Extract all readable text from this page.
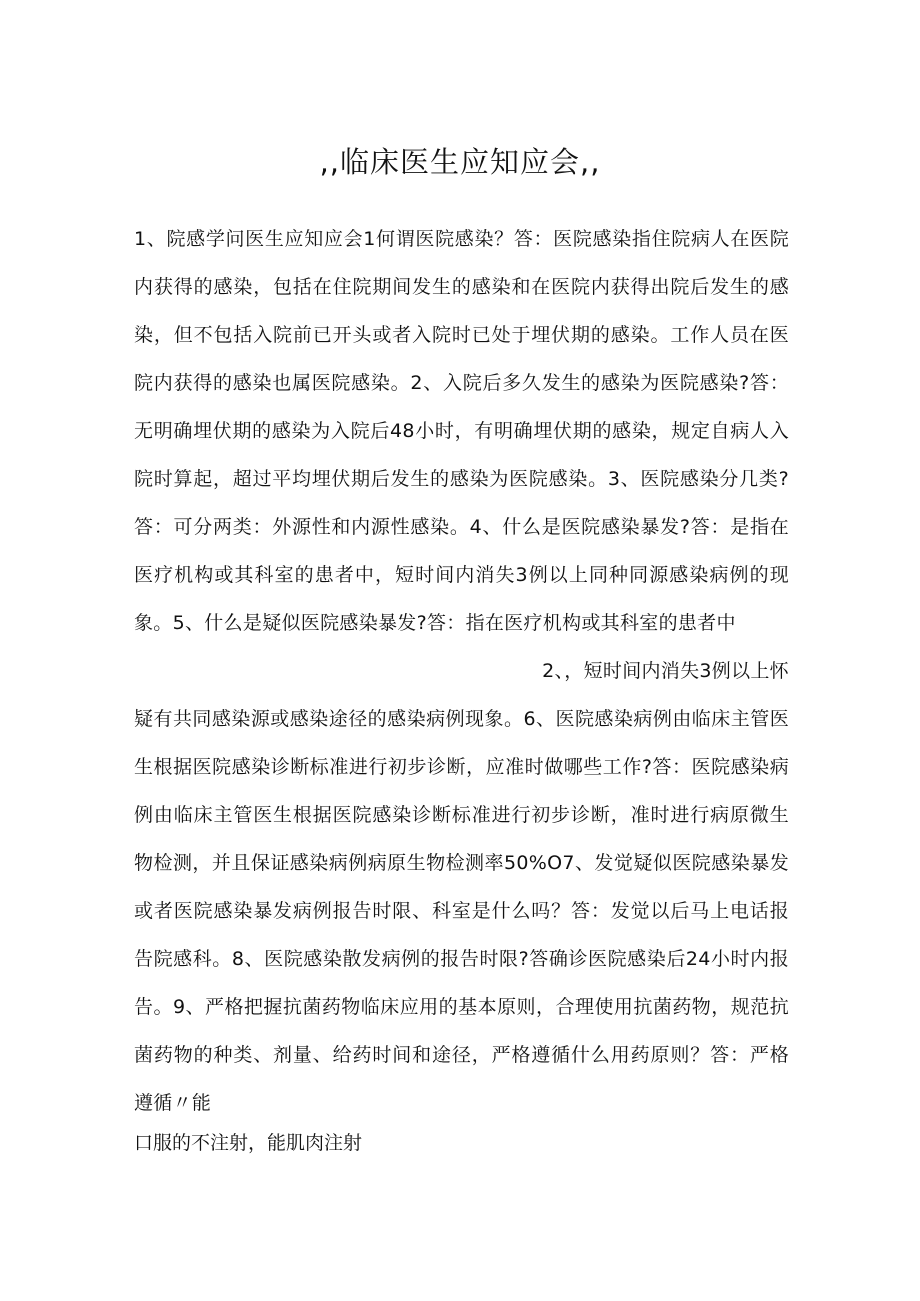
,,临床医生应知应会,,

1、院感学问医生应知应会1何谓医院感染？答：医院感染指住院病人在医院内获得的感染，包括在住院期间发生的感染和在医院内获得出院后发生的感染，但不包括入院前已开头或者入院时已处于埋伏期的感染。工作人员在医院内获得的感染也属医院感染。2、入院后多久发生的感染为医院感染?答：无明确埋伏期的感染为入院后48小时，有明确埋伏期的感染，规定自病人入院时算起，超过平均埋伏期后发生的感染为医院感染。3、医院感染分几类?答：可分两类：外源性和内源性感染。4、什么是医院感染暴发?答：是指在医疗机构或其科室的患者中，短时间内消失3例以上同种同源感染病例的现象。5、什么是疑似医院感染暴发?答：指在医疗机构或其科室的患者中

2、，短时间内消失3例以上怀

疑有共同感染源或感染途径的感染病例现象。6、医院感染病例由临床主管医生根据医院感染诊断标准进行初步诊断，应准时做哪些工作?答：医院感染病例由临床主管医生根据医院感染诊断标准进行初步诊断，准时进行病原微生物检测，并且保证感染病例病原生物检测率50%O7、发觉疑似医院感染暴发或者医院感染暴发病例报告时限、科室是什么吗？答：发觉以后马上电话报告院感科。8、医院感染散发病例的报告时限?答确诊医院感染后24小时内报告。9、严格把握抗菌药物临床应用的基本原则，合理使用抗菌药物，规范抗菌药物的种类、剂量、给药时间和途径，严格遵循什么用药原则？答：严格遵循〃能

口服的不注射，能肌肉注射
